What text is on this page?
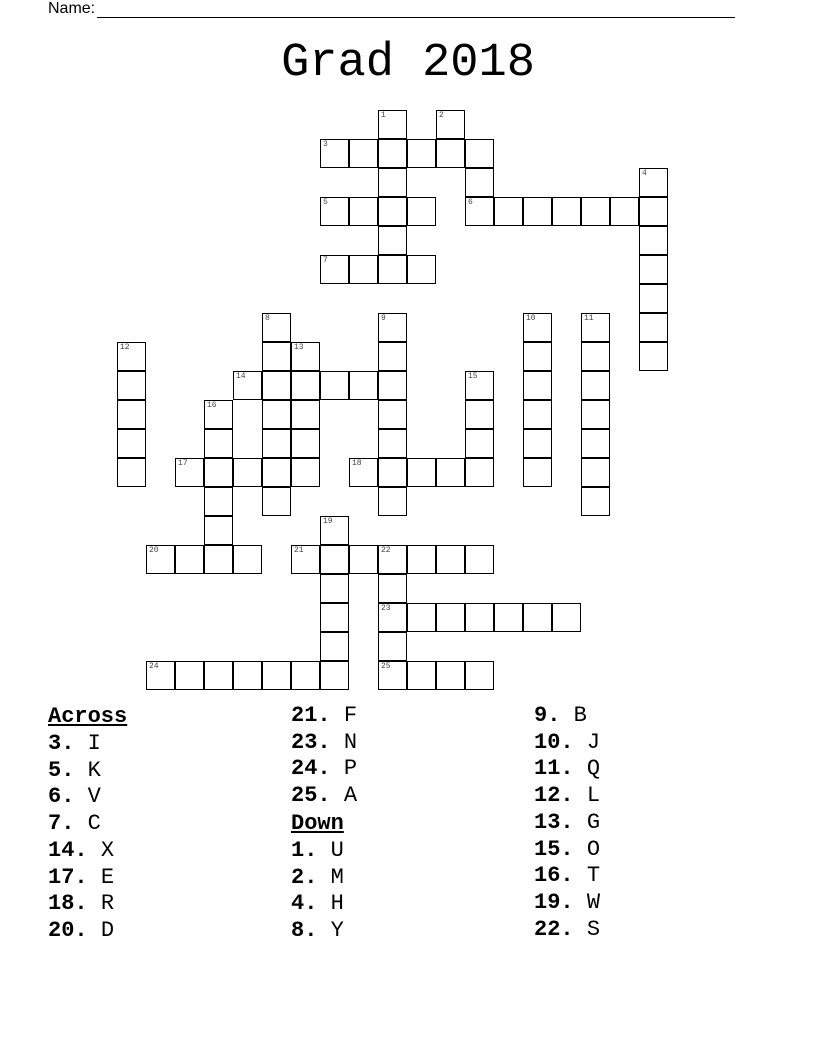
Name:
Grad 2018
1	2
3
4
5	6
7
8	9	10	11
12	13
14	15
16
17	18
19
20	21	22
23
24	25
Across
3. I
5. K
6. V
7. C
14. X
17. E
18. R
20. D
21. F
23. N
24. P
25. A
Down
1. U
2. M
4. H
8. Y
9. B
10. J
11. Q
12. L
13. G
15. O
16. T
19. W
22. S
